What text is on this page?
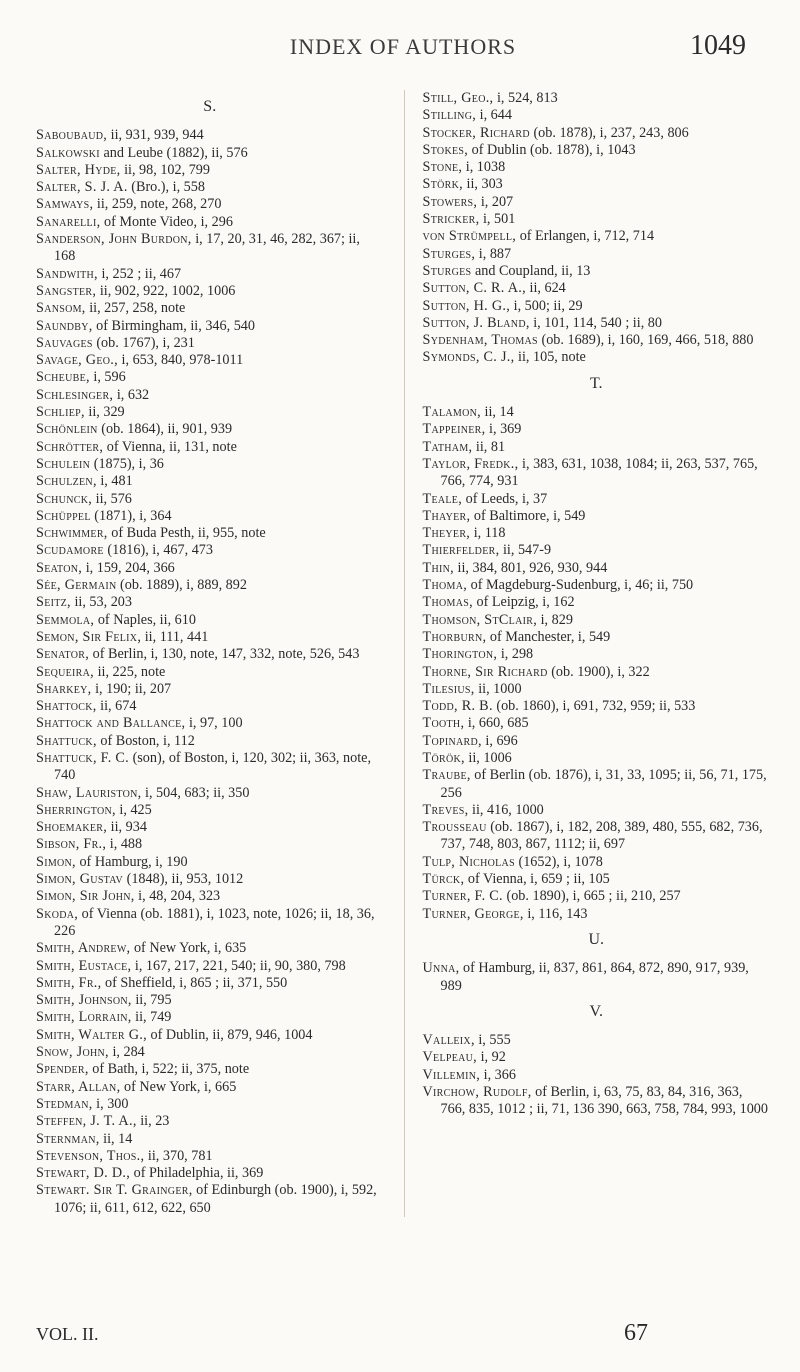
INDEX OF AUTHORS	1049
S.

Saboubaud, ii, 931, 939, 944

Salkowski and Leube (1882), ii, 576

Salter, Hyde, ii, 98, 102, 799

Salter, S. J. A. (Bro.), i, 558

Samways, ii, 259, note, 268, 270

Sanarelli, of Monte Video, i, 296

Sanderson, John Burdon, i, 17, 20, 31, 46, 282, 367; ii, 168

Sandwith, i, 252 ; ii, 467

Sangster, ii, 902, 922, 1002, 1006

Sansom, ii, 257, 258, note

Saundby, of Birmingham, ii, 346, 540

Sauvages (ob. 1767), i, 231

Savage, Geo., i, 653, 840, 978-1011

Scheube, i, 596

Schlesinger, i, 632

Schliep, ii, 329

Schönlein (ob. 1864), ii, 901, 939

Schrötter, of Vienna, ii, 131, note

Schulein (1875), i, 36

Schulzen, i, 481

Schunck, ii, 576

Schüppel (1871), i, 364

Schwimmer, of Buda Pesth, ii, 955, note

Scudamore (1816), i, 467, 473

Seaton, i, 159, 204, 366

Sée, Germain (ob. 1889), i, 889, 892

Seitz, ii, 53, 203

Semmola, of Naples, ii, 610

Semon, Sir Felix, ii, 111, 441

Senator, of Berlin, i, 130, note, 147, 332, note, 526, 543

Sequeira, ii, 225, note

Sharkey, i, 190; ii, 207

Shattock, ii, 674

Shattock and Ballance, i, 97, 100

Shattuck, of Boston, i, 112

Shattuck, F. C. (son), of Boston, i, 120, 302; ii, 363, note, 740

Shaw, Lauriston, i, 504, 683; ii, 350

Sherrington, i, 425

Shoemaker, ii, 934

Sibson, Fr., i, 488

Simon, of Hamburg, i, 190

Simon, Gustav (1848), ii, 953, 1012

Simon, Sir John, i, 48, 204, 323

Skoda, of Vienna (ob. 1881), i, 1023, note, 1026; ii, 18, 36, 226

Smith, Andrew, of New York, i, 635

Smith, Eustace, i, 167, 217, 221, 540; ii, 90, 380, 798

Smith, Fr., of Sheffield, i, 865 ; ii, 371, 550

Smith, Johnson, ii, 795

Smith, Lorrain, ii, 749

Smith, Walter G., of Dublin, ii, 879, 946, 1004

Snow, John, i, 284

Spender, of Bath, i, 522; ii, 375, note

Starr, Allan, of New York, i, 665

Stedman, i, 300

Steffen, J. T. A., ii, 23

Sternman, ii, 14

Stevenson, Thos., ii, 370, 781

Stewart, D. D., of Philadelphia, ii, 369

Stewart. Sir T. Grainger, of Edinburgh (ob. 1900), i, 592, 1076; ii, 611, 612, 622, 650

Still, Geo., i, 524, 813

Stilling, i, 644

Stocker, Richard (ob. 1878), i, 237, 243, 806

Stokes, of Dublin (ob. 1878), i, 1043

Stone, i, 1038

Störk, ii, 303

Stowers, i, 207

Stricker, i, 501

von Strümpell, of Erlangen, i, 712, 714

Sturges, i, 887

Sturges and Coupland, ii, 13

Sutton, C. R. A., ii, 624

Sutton, H. G., i, 500; ii, 29

Sutton, J. Bland, i, 101, 114, 540 ; ii, 80

Sydenham, Thomas (ob. 1689), i, 160, 169, 466, 518, 880

Symonds, C. J., ii, 105, note

T.

Talamon, ii, 14

Tappeiner, i, 369

Tatham, ii, 81

Taylor, Fredk., i, 383, 631, 1038, 1084; ii, 263, 537, 765, 766, 774, 931

Teale, of Leeds, i, 37

Thayer, of Baltimore, i, 549

Theyer, i, 118

Thierfelder, ii, 547-9

Thin, ii, 384, 801, 926, 930, 944

Thoma, of Magdeburg-Sudenburg, i, 46; ii, 750

Thomas, of Leipzig, i, 162

Thomson, StClair, i, 829

Thorburn, of Manchester, i, 549

Thorington, i, 298

Thorne, Sir Richard (ob. 1900), i, 322

Tilesius, ii, 1000

Todd, R. B. (ob. 1860), i, 691, 732, 959; ii, 533

Tooth, i, 660, 685

Topinard, i, 696

Török, ii, 1006

Traube, of Berlin (ob. 1876), i, 31, 33, 1095; ii, 56, 71, 175, 256

Treves, ii, 416, 1000

Trousseau (ob. 1867), i, 182, 208, 389, 480, 555, 682, 736, 737, 748, 803, 867, 1112; ii, 697

Tulp, Nicholas (1652), i, 1078

Türck, of Vienna, i, 659 ; ii, 105

Turner, F. C. (ob. 1890), i, 665 ; ii, 210, 257

Turner, George, i, 116, 143

U.

Unna, of Hamburg, ii, 837, 861, 864, 872, 890, 917, 939, 989

V.

Valleix, i, 555

Velpeau, i, 92

Villemin, i, 366

Virchow, Rudolf, of Berlin, i, 63, 75, 83, 84, 316, 363, 766, 835, 1012 ; ii, 71, 136 390, 663, 758, 784, 993, 1000

VOL. II.	67
